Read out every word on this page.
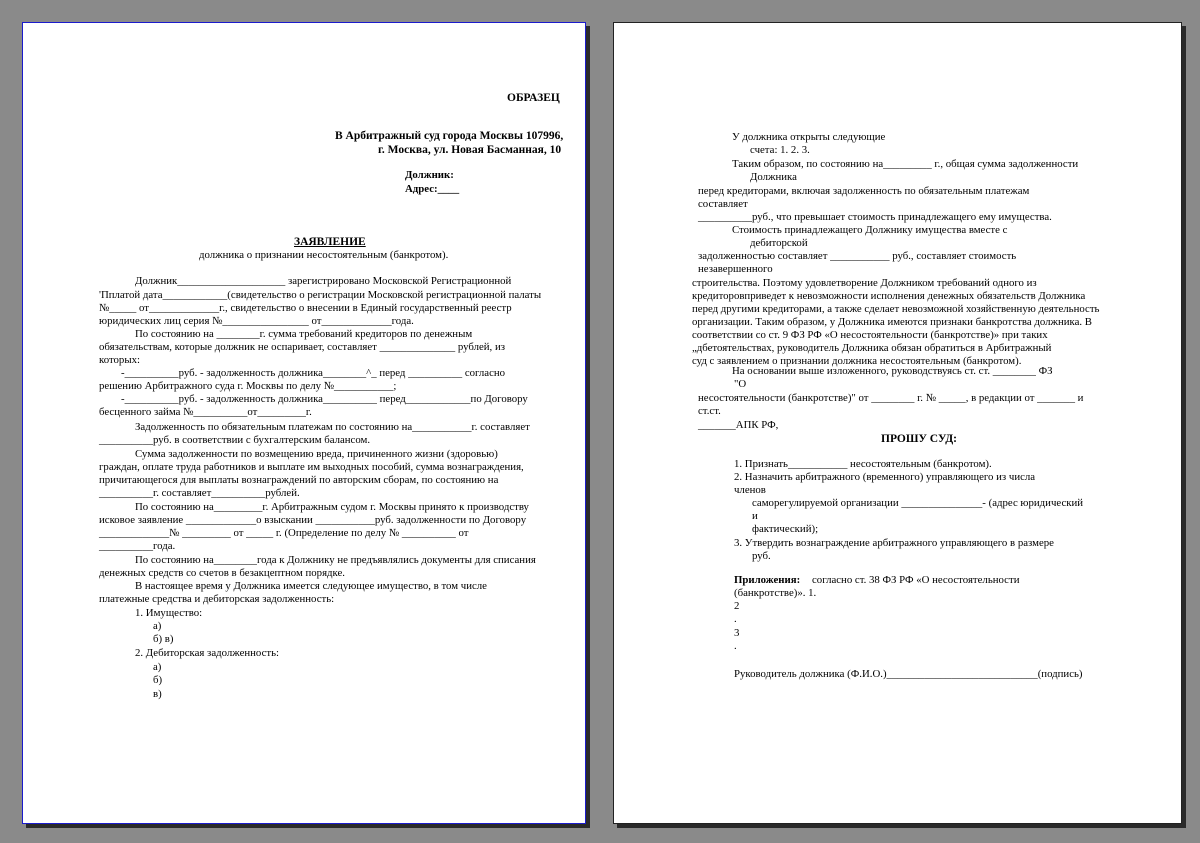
ОБРАЗЕЦ
В Арбитражный суд города Москвы 107996,
г. Москва, ул. Новая Басманная, 10
Должник:
Адрес:____
ЗАЯВЛЕНИЕ
должника о признании несостоятельным (банкротом).
Должник____________________ зарегистрировано Московской Регистрационной
'Пплатой дата____________(свидетельство о регистрации Московской регистрационной палаты
№_____ от_____________г., свидетельство о внесении в Единый государственный реестр
юридических лиц серия №________________ от_____________года.
По состоянию на ________г. сумма требований кредиторов по денежным
обязательствам, которые должник не оспаривает, составляет ______________ рублей, из
которых:
-__________руб. - задолженность должника________^_ перед __________ согласно
решению Арбитражного суда г. Москвы по делу №___________;
-__________руб. - задолженность должника__________ перед____________по Договору
бесценного займа №__________от_________г.
Задолженность по обязательным платежам по состоянию на___________г. составляет
__________руб. в соответствии с бухгалтерским балансом.
Сумма задолженности по возмещению вреда, причиненного жизни (здоровью)
граждан, оплате труда работников и выплате им выходных пособий, сумма вознаграждения,
причитающегося для выплаты вознаграждений по авторским сборам, по состоянию на
__________г. составляет__________рублей.
По состоянию на_________г. Арбитражным судом г. Москвы принято к производству
исковое заявление _____________о взыскании ___________руб. задолженности по Договору
_____________№ _________ от _____ г. (Определение по делу № __________ от
__________года.
По состоянию на________года к Должнику не предъявлялись документы для списания
денежных средств со счетов в безакцептном порядке.
В настоящее время у Должника имеется следующее имущество, в том числе
платежные средства и дебиторская задолженность:
1. Имущество:
а)
б) в)
2. Дебиторская задолженность:
а)
б)
в)
Приложения:
У должника открыты следующие
счета: 1. 2. 3.
Таким образом, по состоянию на_________ г., общая сумма задолженности
Должника
перед кредиторами, включая задолженность по обязательным платежам
составляет
__________руб., что превышает стоимость принадлежащего ему имущества.
Стоимость принадлежащего Должнику имущества вместе с
дебиторской
задолженностью составляет ___________ руб., составляет стоимость
незавершенного
строительства. Поэтому удовлетворение Должником требований одного из
кредиторовприведет к невозможности исполнения денежных обязательств Должника
перед другими кредиторами, а также сделает невозможной хозяйственную деятельность
организации. Таким образом, у Должника имеются признаки банкротства должника. В
соответствии со ст. 9 ФЗ РФ «О несостоятельности (банкротстве)» при таких
„дбетоятельствах, руководитель Должника обязан обратиться в Арбитражный
суд с заявлением о признании должника несостоятельным (банкротом).
На основании выше изложенного, руководствуясь ст. ст. ________ ФЗ
"О
несостоятельности (банкротстве)" от ________ г. № _____, в редакции от _______ и
ст.ст.
_______АПК РФ,
ПРОШУ СУД:
1. Признать___________ несостоятельным (банкротом).
2. Назначить арбитражного (временного) управляющего из числа
членов
саморегулируемой организации _______________- (адрес юридический
и
фактический);
3. Утвердить вознаграждение арбитражного управляющего в размере
руб.
согласно ст. 38 ФЗ РФ «О несостоятельности
(банкротстве)». 1.
2
.
3
.
Руководитель должника (Ф.И.О.)____________________________(подпись)
